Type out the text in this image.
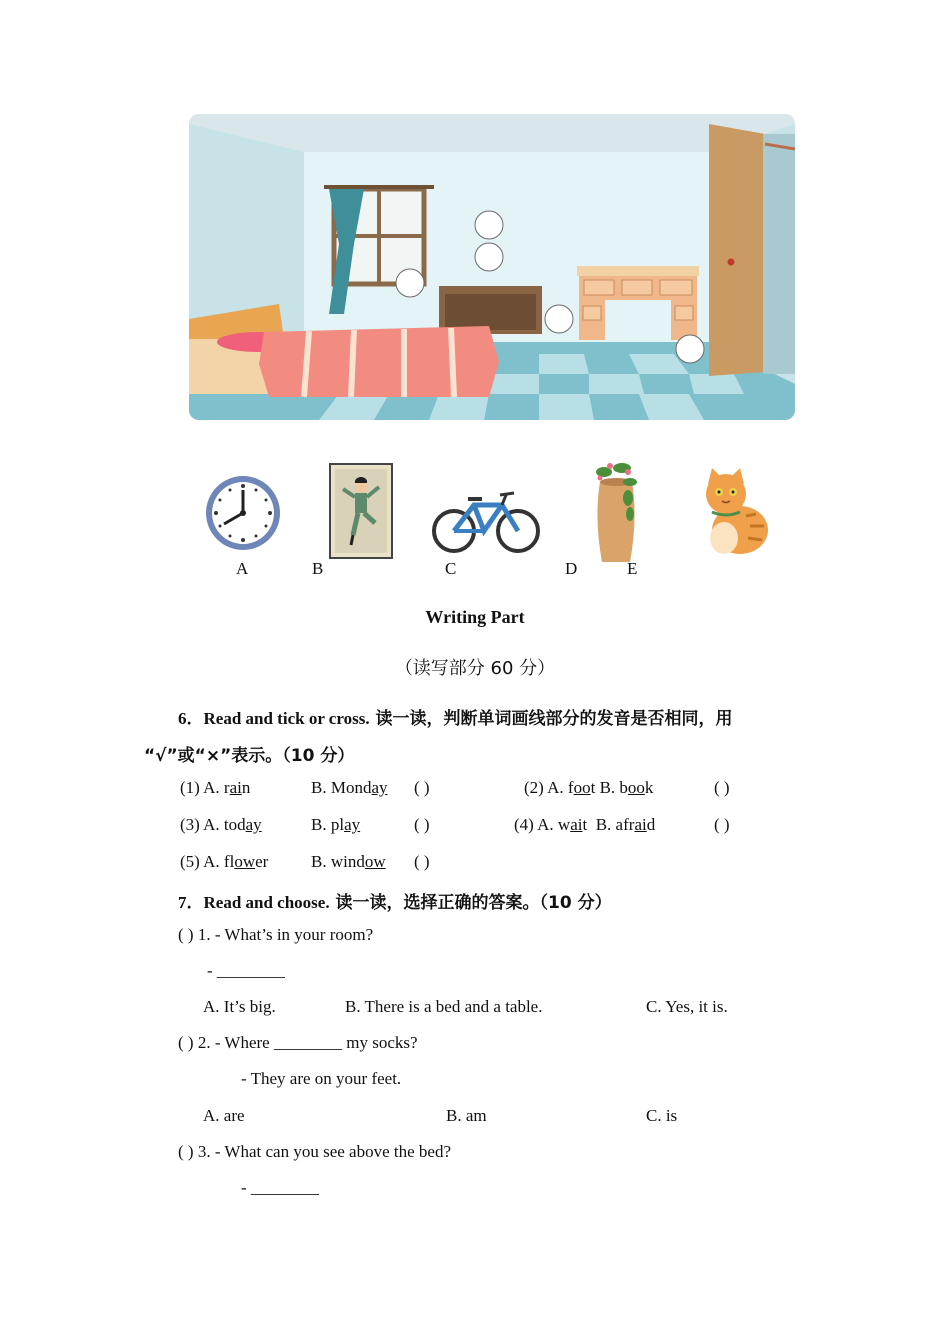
A	B	C	D	E
Writing Part
（读写部分 60 分）
6．Read and tick or cross. 读一读，判断单词画线部分的发音是否相同，用
“√”或“×”表示。（10 分）
(1) A. rain	B. Monday ( )	(2) A. foot B. book	( )
(3) A. today	B. play	( )	(4) A. wait B. afraid	( )
(5) A. flower	B. window ( )
7．Read and choose. 读一读，选择正确的答案。（10 分）
( ) 1. - What’s in your room?
- ________
A. It’s big.	B. There is a bed and a table.	C. Yes, it is.
( ) 2. - Where ________ my socks?
- They are on your feet.
A. are	B. am	C. is
( ) 3. - What can you see above the bed?
- ________
